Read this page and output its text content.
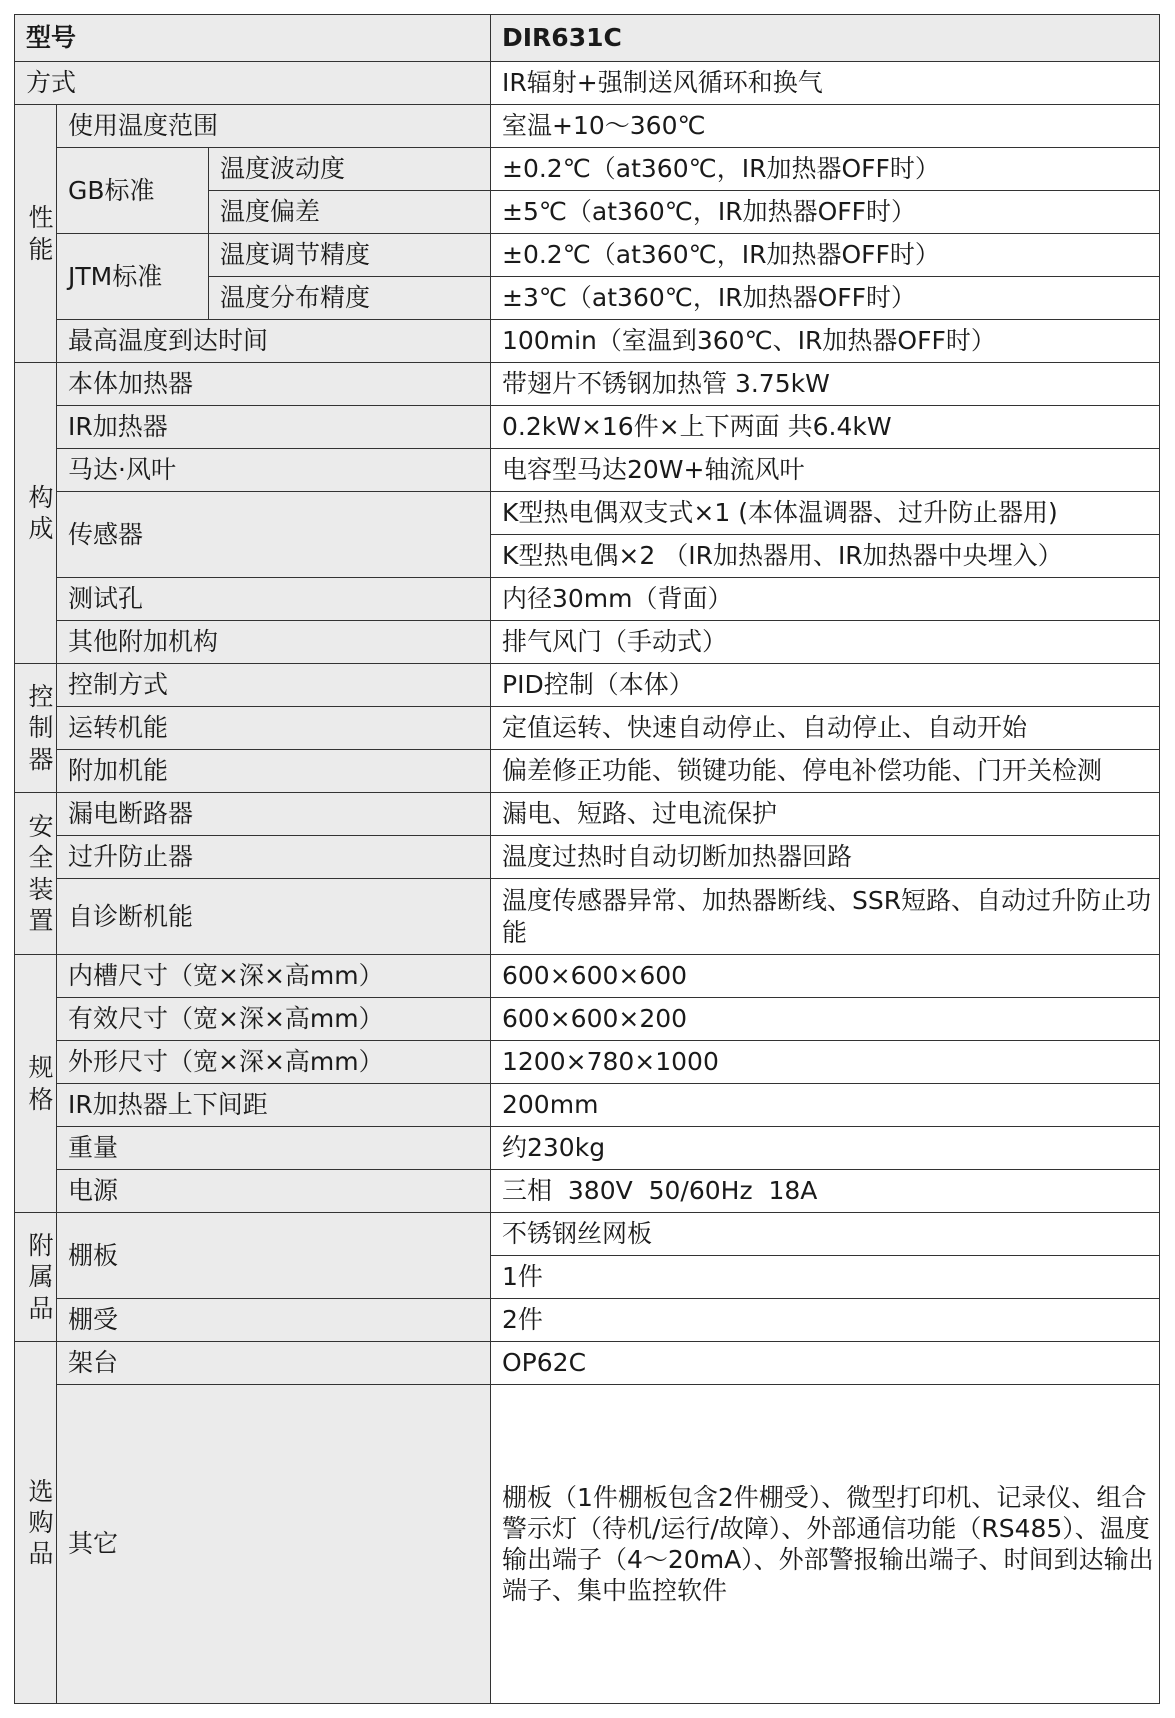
型号			DIR631C
方式			IR辐射+强制送风循环和换气
性能	使用温度范围		室温+10～360℃
	GB标准	温度波动度	±0.2℃（at360℃，IR加热器OFF时）
		温度偏差	±5℃（at360℃，IR加热器OFF时）
	JTM标准	温度调节精度	±0.2℃（at360℃，IR加热器OFF时）
		温度分布精度	±3℃（at360℃，IR加热器OFF时）
	最高温度到达时间		100min（室温到360℃、IR加热器OFF时）
构成	本体加热器		带翅片不锈钢加热管 3.75kW
	IR加热器		0.2kW×16件×上下两面 共6.4kW
	马达·风叶		电容型马达20W+轴流风叶
	传感器		K型热电偶双支式×1 (本体温调器、过升防止器用)
			K型热电偶×2 （IR加热器用、IR加热器中央埋入）
	测试孔		内径30mm（背面）
	其他附加机构		排气风门（手动式）
控制器	控制方式		PID控制（本体）
	运转机能		定值运转、快速自动停止、自动停止、自动开始
	附加机能		偏差修正功能、锁键功能、停电补偿功能、门开关检测
安全装置	漏电断路器		漏电、短路、过电流保护
	过升防止器		温度过热时自动切断加热器回路
	自诊断机能		温度传感器异常、加热器断线、SSR短路、自动过升防止功能
规格	内槽尺寸（宽×深×高mm）		600×600×600
	有效尺寸（宽×深×高mm）		600×600×200
	外形尺寸（宽×深×高mm）		1200×780×1000
	IR加热器上下间距		200mm
	重量		约230kg
	电源		三相  380V  50/60Hz  18A
附属品	棚板		不锈钢丝网板
			1件
	棚受		2件
选购品	架台		OP62C
	其它		棚板（1件棚板包含2件棚受）、微型打印机、记录仪、组合警示灯（待机/运行/故障）、外部通信功能（RS485）、温度输出端子（4～20mA）、外部警报输出端子、时间到达输出端子、集中监控软件
